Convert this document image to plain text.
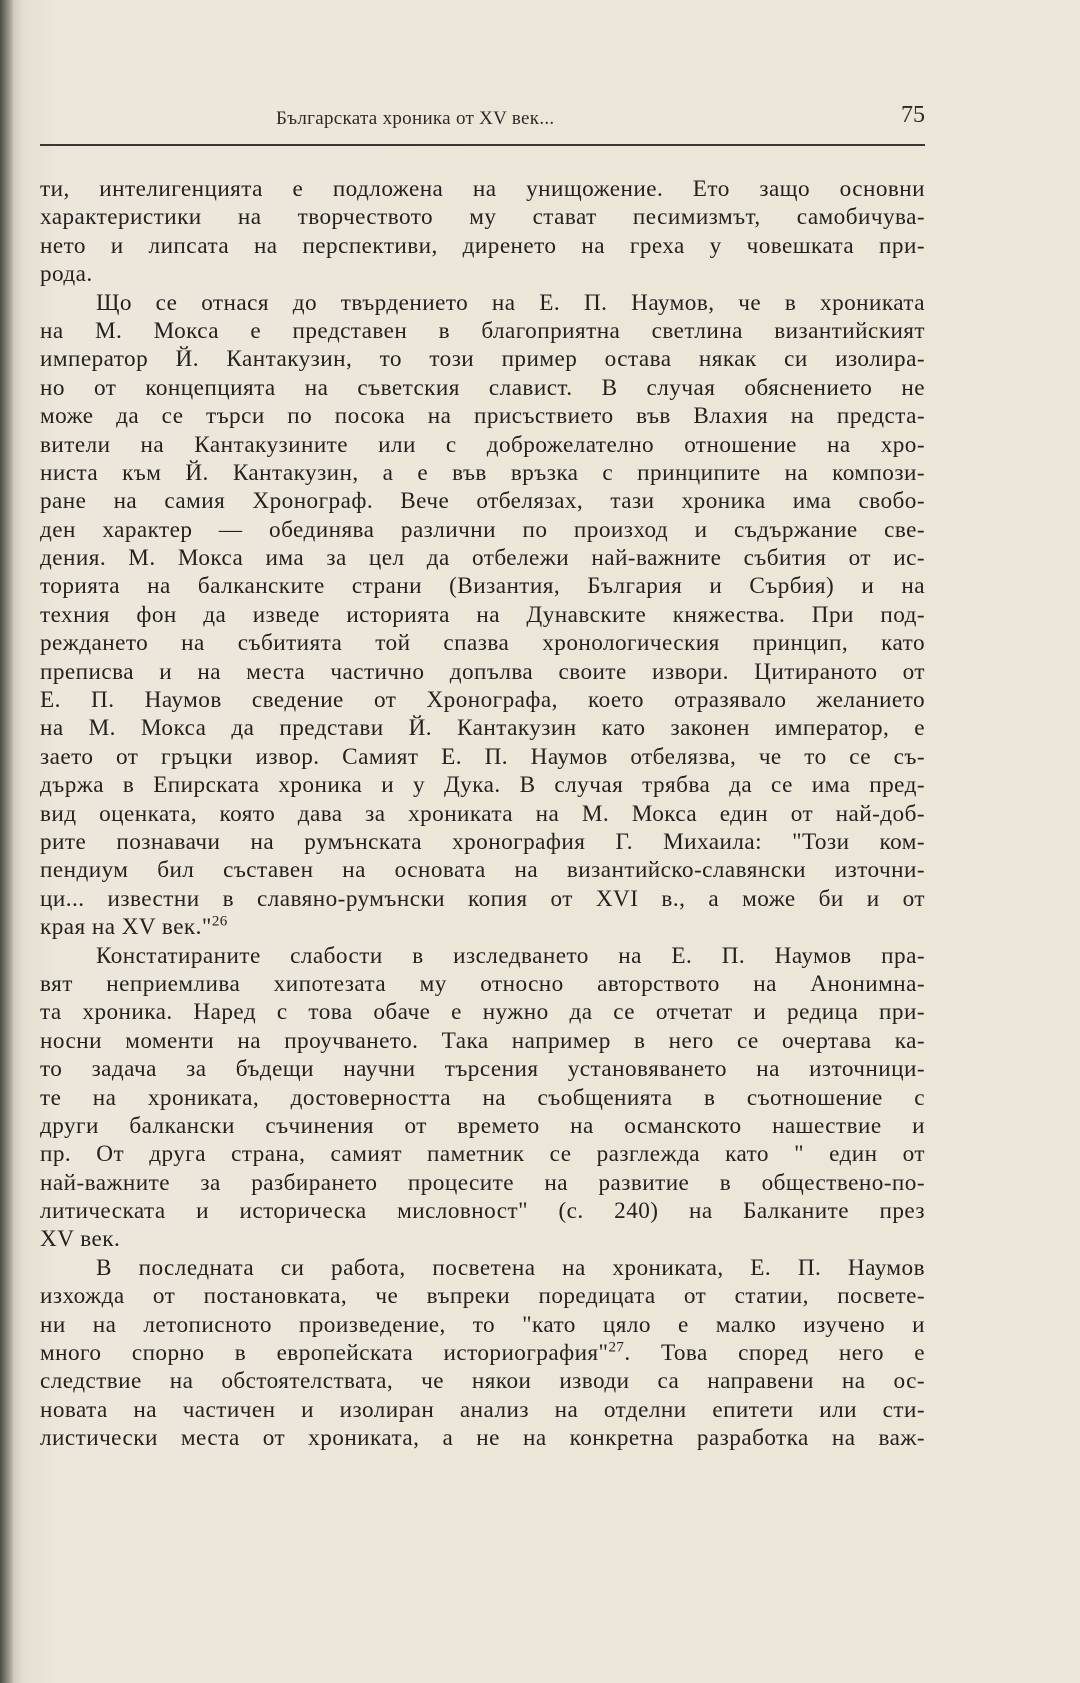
Българската хроника от XV век...	75
ти, интелигенцията е подложена на унищожение. Ето защо основни
характеристики на творчеството му стават песимизмът, самобичува-
нето и липсата на перспективи, диренето на греха у човешката при-
рода.
Що се отнася до твърдението на Е. П. Наумов, че в хрониката
на М. Мокса е представен в благоприятна светлина византийският
император Й. Кантакузин, то този пример остава някак си изолира-
но от концепцията на съветския славист. В случая обяснението не
може да се търси по посока на присъствието във Влахия на предста-
вители на Кантакузините или с доброжелателно отношение на хро-
ниста към Й. Кантакузин, а е във връзка с принципите на компози-
ране на самия Хронограф. Вече отбелязах, тази хроника има свобо-
ден характер — обединява различни по произход и съдържание све-
дения. М. Мокса има за цел да отбележи най-важните събития от ис-
торията на балканските страни (Византия, България и Сърбия) и на
техния фон да изведе историята на Дунавските княжества. При под-
реждането на събитията той спазва хронологическия принцип, като
преписва и на места частично допълва своите извори. Цитираното от
Е. П. Наумов сведение от Хронографа, което отразявало желанието
на М. Мокса да представи Й. Кантакузин като законен император, е
заето от гръцки извор. Самият Е. П. Наумов отбелязва, че то се съ-
държа в Епирската хроника и у Дука. В случая трябва да се има пред-
вид оценката, която дава за хрониката на М. Мокса един от най-доб-
рите познавачи на румънската хронография Г. Михаила: "Този ком-
пендиум бил съставен на основата на византийско-славянски източни-
ци... известни в славяно-румънски копия от XVI в., а може би и от
края на XV век."$^{26}$
Констатираните слабости в изследването на Е. П. Наумов пра-
вят неприемлива хипотезата му относно авторството на Анонимна-
та хроника. Наред с това обаче е нужно да се отчетат и редица при-
носни моменти на проучването. Така например в него се очертава ка-
то задача за бъдещи научни търсения установяването на източници-
те на хрониката, достоверността на съобщенията в съотношение с
други балкански съчинения от времето на османското нашествие и
пр. От друга страна, самият паметник се разглежда като " един от
най-важните за разбирането процесите на развитие в обществено-по-
литическата и историческа мисловност" (с. 240) на Балканите през
XV век.
В последната си работа, посветена на хрониката, Е. П. Наумов
изхожда от постановката, че въпреки поредицата от статии, посвете-
ни на летописното произведение, то "като цяло е малко изучено и
много спорно в европейската историография"$^{27}$. Това според него е
следствие на обстоятелствата, че някои изводи са направени на ос-
новата на частичен и изолиран анализ на отделни епитети или сти-
листически места от хрониката, а не на конкретна разработка на важ-
